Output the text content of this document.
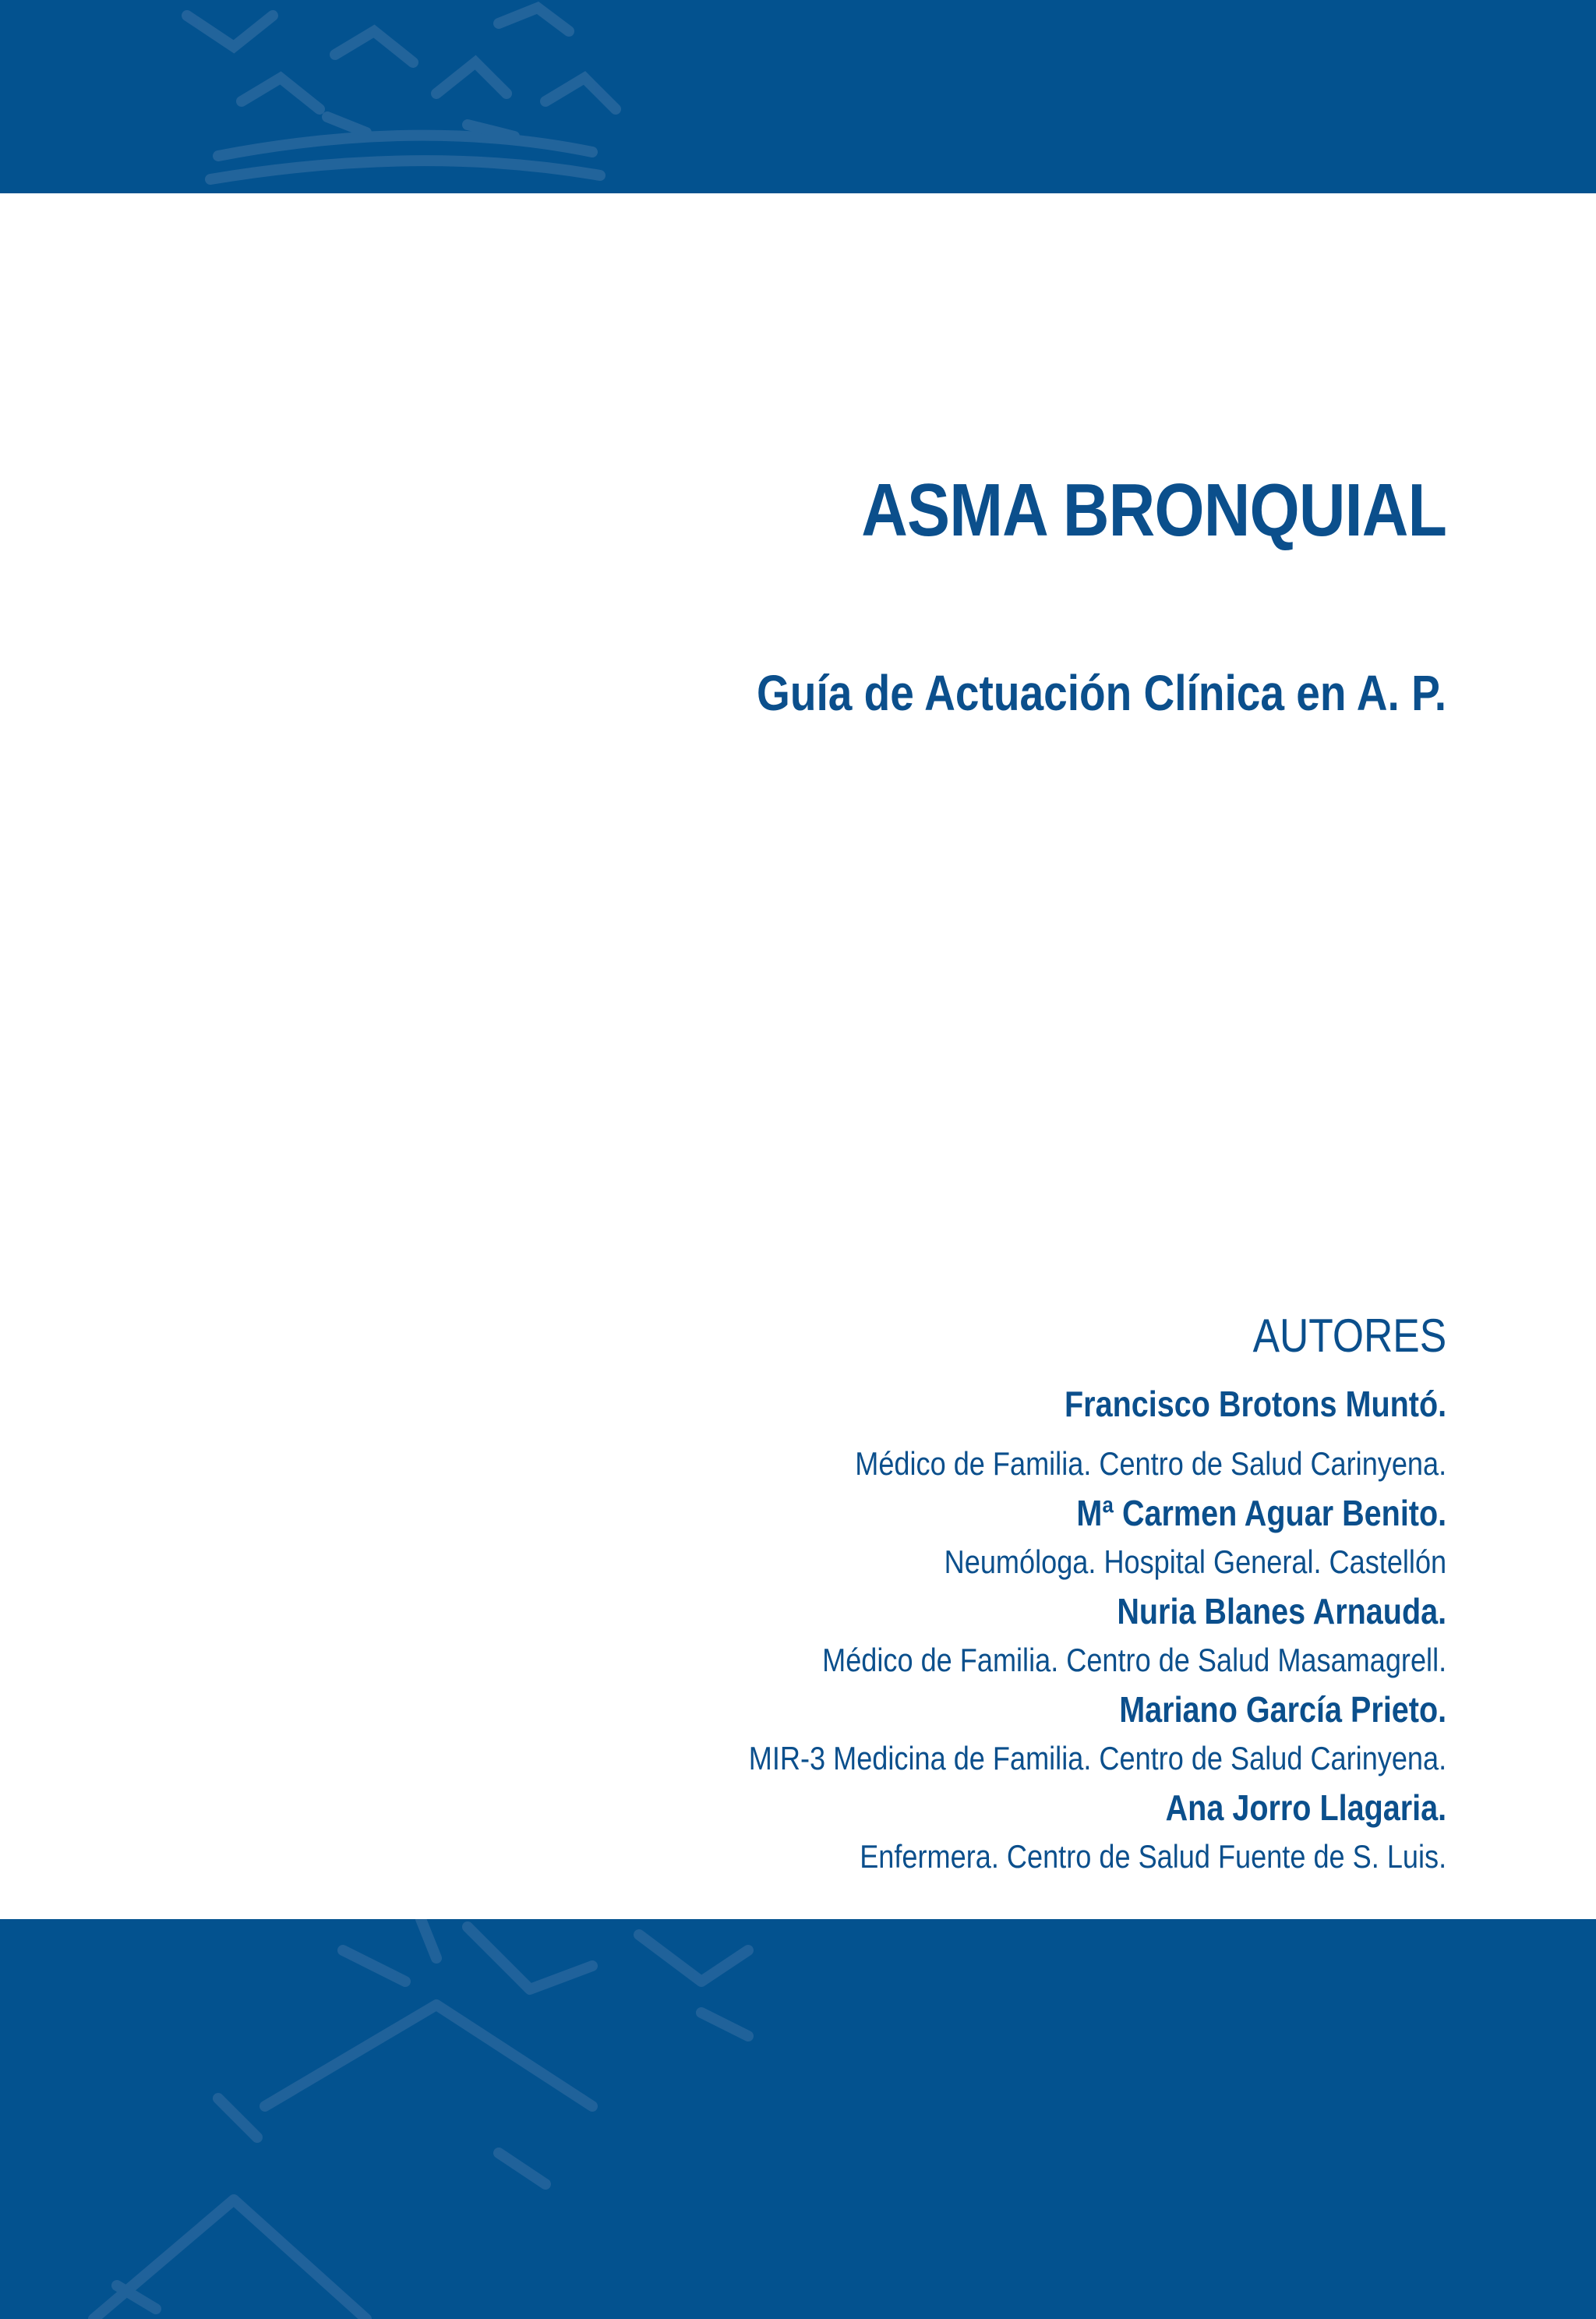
ASMA BRONQUIAL
Guía de Actuación Clínica en A. P.
AUTORES
Francisco Brotons Muntó.
Médico de Familia. Centro de Salud Carinyena.
Mª Carmen Aguar Benito.
Neumóloga. Hospital General. Castellón
Nuria Blanes Arnauda.
Médico de Familia. Centro de Salud Masamagrell.
Mariano García Prieto.
MIR-3 Medicina de Familia. Centro de Salud Carinyena.
Ana Jorro Llagaria.
Enfermera. Centro de Salud Fuente de S. Luis.
